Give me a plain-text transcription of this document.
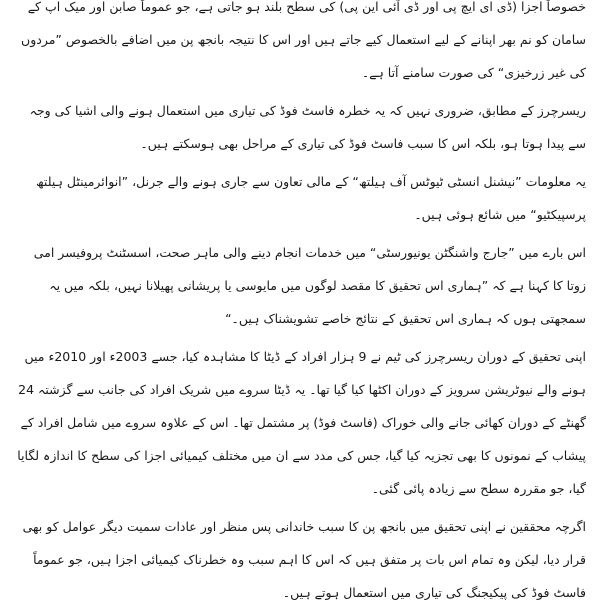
خصوصاً اجزا (ڈی ای ایچ پی اور ڈی آئی این پی) کی سطح بلند ہو جاتی ہے، جو عموماً صابن اور میک اپ کے سامان کو نم بھر اپنانے کے لیے استعمال کیے جاتے ہیں اور اس کا نتیجہ بانجھ پن میں اضافے بالخصوص ”مردوں کی غیر زرخیزی“ کی صورت سامنے آتا ہے۔

ریسرچرز کے مطابق، ضروری نہیں کہ یہ خطرہ فاسٹ فوڈ کی تیاری میں استعمال ہونے والی اشیا کی وجہ سے پیدا ہوتا ہو، بلکہ اس کا سبب فاسٹ فوڈ کی تیاری کے مراحل بھی ہوسکتے ہیں۔

یہ معلومات ”نیشنل انسٹی ٹیوٹس آف ہیلتھ“ کے مالی تعاون سے جاری ہونے والے جرنل، ”انوائرمینٹل ہیلتھ پرسپیکٹیو“ میں شائع ہوئی ہیں۔

اس بارے میں ”جارج واشنگٹن یونیورسٹی“ میں خدمات انجام دینے والی ماہر صحت، اسسٹنٹ پروفیسر امی زوتا کا کہنا ہے کہ ”ہماری اس تحقیق کا مقصد لوگوں میں مایوسی یا پریشانی پھیلانا نہیں، بلکہ میں یہ سمجھتی ہوں کہ ہماری اس تحقیق کے نتائج خاصے تشویشناک ہیں۔“

اپنی تحقیق کے دوران ریسرچرز کی ٹیم نے 9 ہزار افراد کے ڈیٹا کا مشاہدہ کیا، جسے 2003ء اور 2010ء میں ہونے والے نیوٹریشن سرویز کے دوران اکٹھا کیا گیا تھا۔ یہ ڈیٹا سروے میں شریک افراد کی جانب سے گزشتہ 24 گھنٹے کے دوران کھائی جانے والی خوراک (فاسٹ فوڈ) پر مشتمل تھا۔ اس کے علاوہ سروے میں شامل افراد کے پیشاب کے نمونوں کا بھی تجزیہ کیا گیا، جس کی مدد سے ان میں مختلف کیمیائی اجزا کی سطح کا اندازہ لگایا گیا، جو مقررہ سطح سے زیادہ پائی گئی۔

اگرچہ محققین نے اپنی تحقیق میں بانجھ پن کا سبب خاندانی پس منظر اور عادات سمیت دیگر عوامل کو بھی قرار دیا، لیکن وہ تمام اس بات پر متفق ہیں کہ اس کا اہم سبب وہ خطرناک کیمیائی اجزا ہیں، جو عموماً فاسٹ فوڈ کی پیکیجنگ کی تیاری میں استعمال ہوتے ہیں۔
